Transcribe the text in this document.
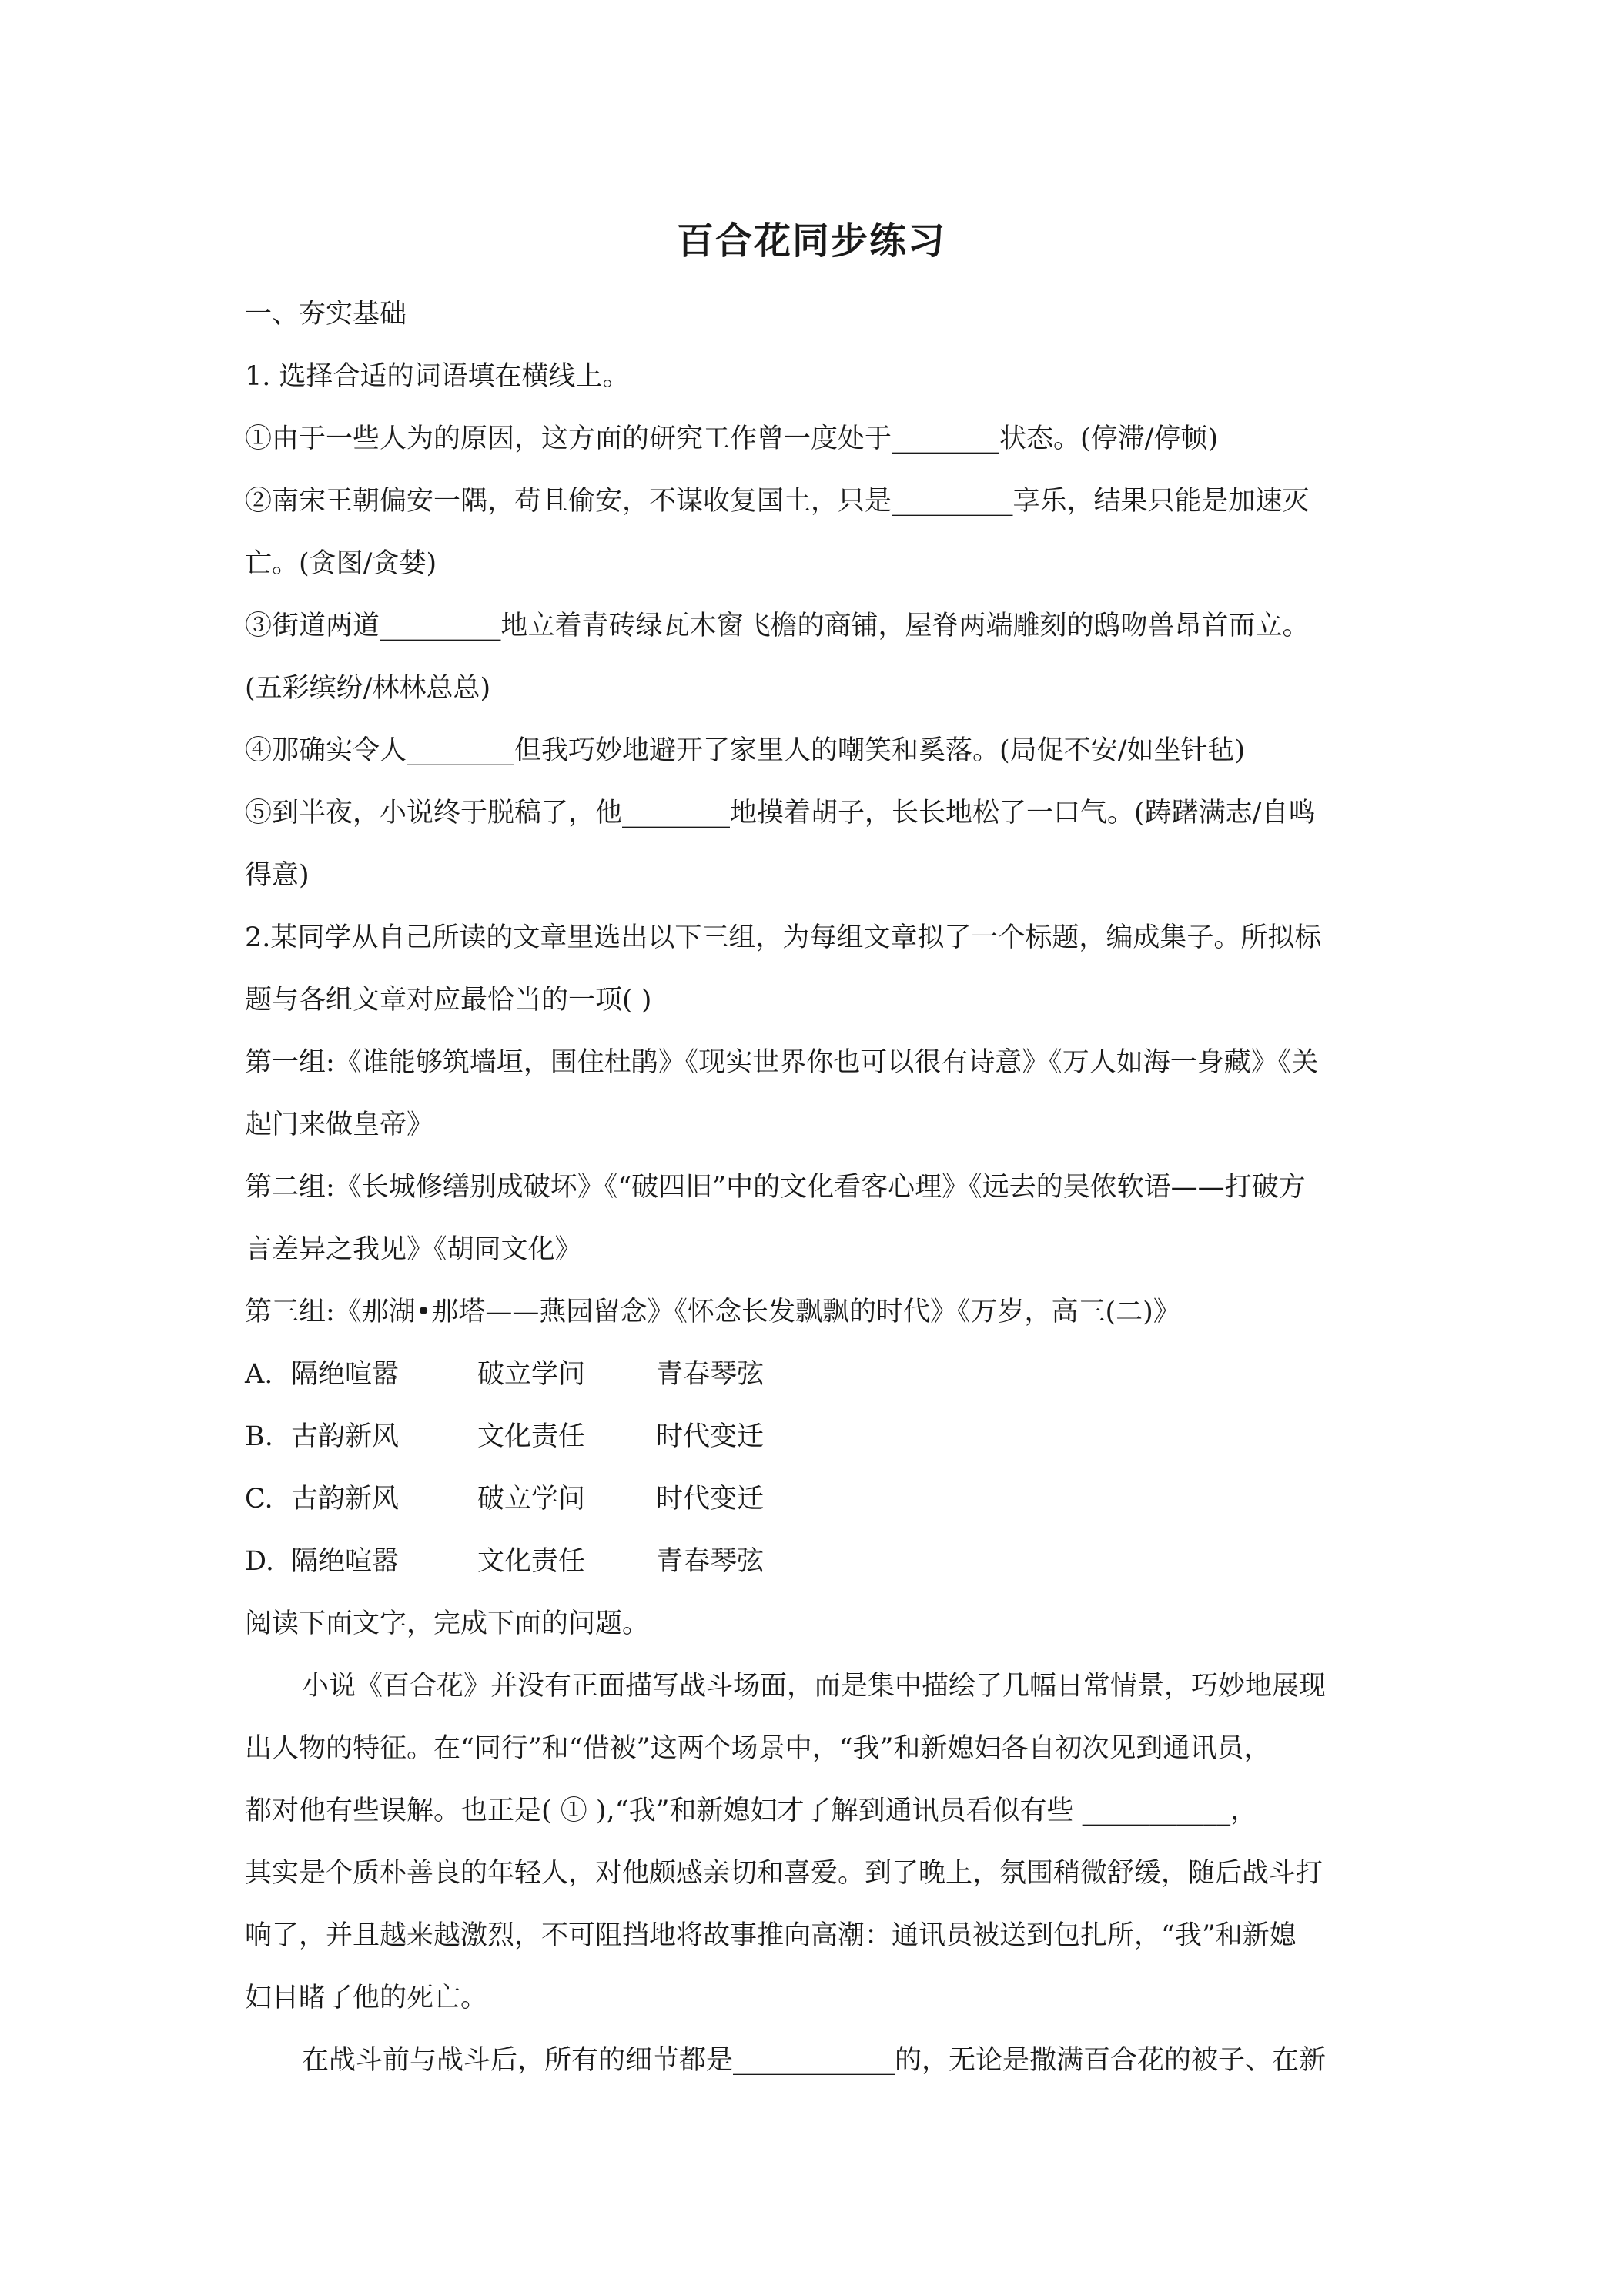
百合花同步练习
一、夯实基础
1. 选择合适的词语填在横线上。
①由于一些人为的原因，这方面的研究工作曾一度处于________状态。(停滞/停顿)
②南宋王朝偏安一隅，苟且偷安，不谋收复国土，只是_________享乐，结果只能是加速灭
亡。(贪图/贪婪)
③街道两道_________地立着青砖绿瓦木窗飞檐的商铺，屋脊两端雕刻的鸱吻兽昂首而立。
(五彩缤纷/林林总总)
④那确实令人________但我巧妙地避开了家里人的嘲笑和奚落。(局促不安/如坐针毡)
⑤到半夜，小说终于脱稿了，他________地摸着胡子，长长地松了一口气。(踌躇满志/自鸣
得意)
2.某同学从自己所读的文章里选出以下三组，为每组文章拟了一个标题，编成集子。所拟标
题与各组文章对应最恰当的一项( )
第一组:《谁能够筑墙垣，围住杜鹃》《现实世界你也可以很有诗意》《万人如海一身藏》《关
起门来做皇帝》
第二组:《长城修缮别成破坏》《“破四旧”中的文化看客心理》《远去的吴侬软语——打破方
言差异之我见》《胡同文化》
第三组:《那湖•那塔——燕园留念》《怀念长发飘飘的时代》《万岁，高三(二)》
A. 隔绝喧嚣	破立学问	青春琴弦
B. 古韵新风	文化责任	时代变迁
C. 古韵新风	破立学问	时代变迁
D. 隔绝喧嚣	文化责任	青春琴弦
阅读下面文字，完成下面的问题。
小说《百合花》并没有正面描写战斗场面，而是集中描绘了几幅日常情景，巧妙地展现
出人物的特征。在“同行”和“借被”这两个场景中，“我”和新媳妇各自初次见到通讯员，
都对他有些误解。也正是( ① ),“我”和新媳妇才了解到通讯员看似有些 ___________，
其实是个质朴善良的年轻人，对他颇感亲切和喜爱。到了晚上，氛围稍微舒缓，随后战斗打
响了，并且越来越激烈，不可阻挡地将故事推向高潮：通讯员被送到包扎所，“我”和新媳
妇目睹了他的死亡。
在战斗前与战斗后，所有的细节都是____________的，无论是撒满百合花的被子、在新
